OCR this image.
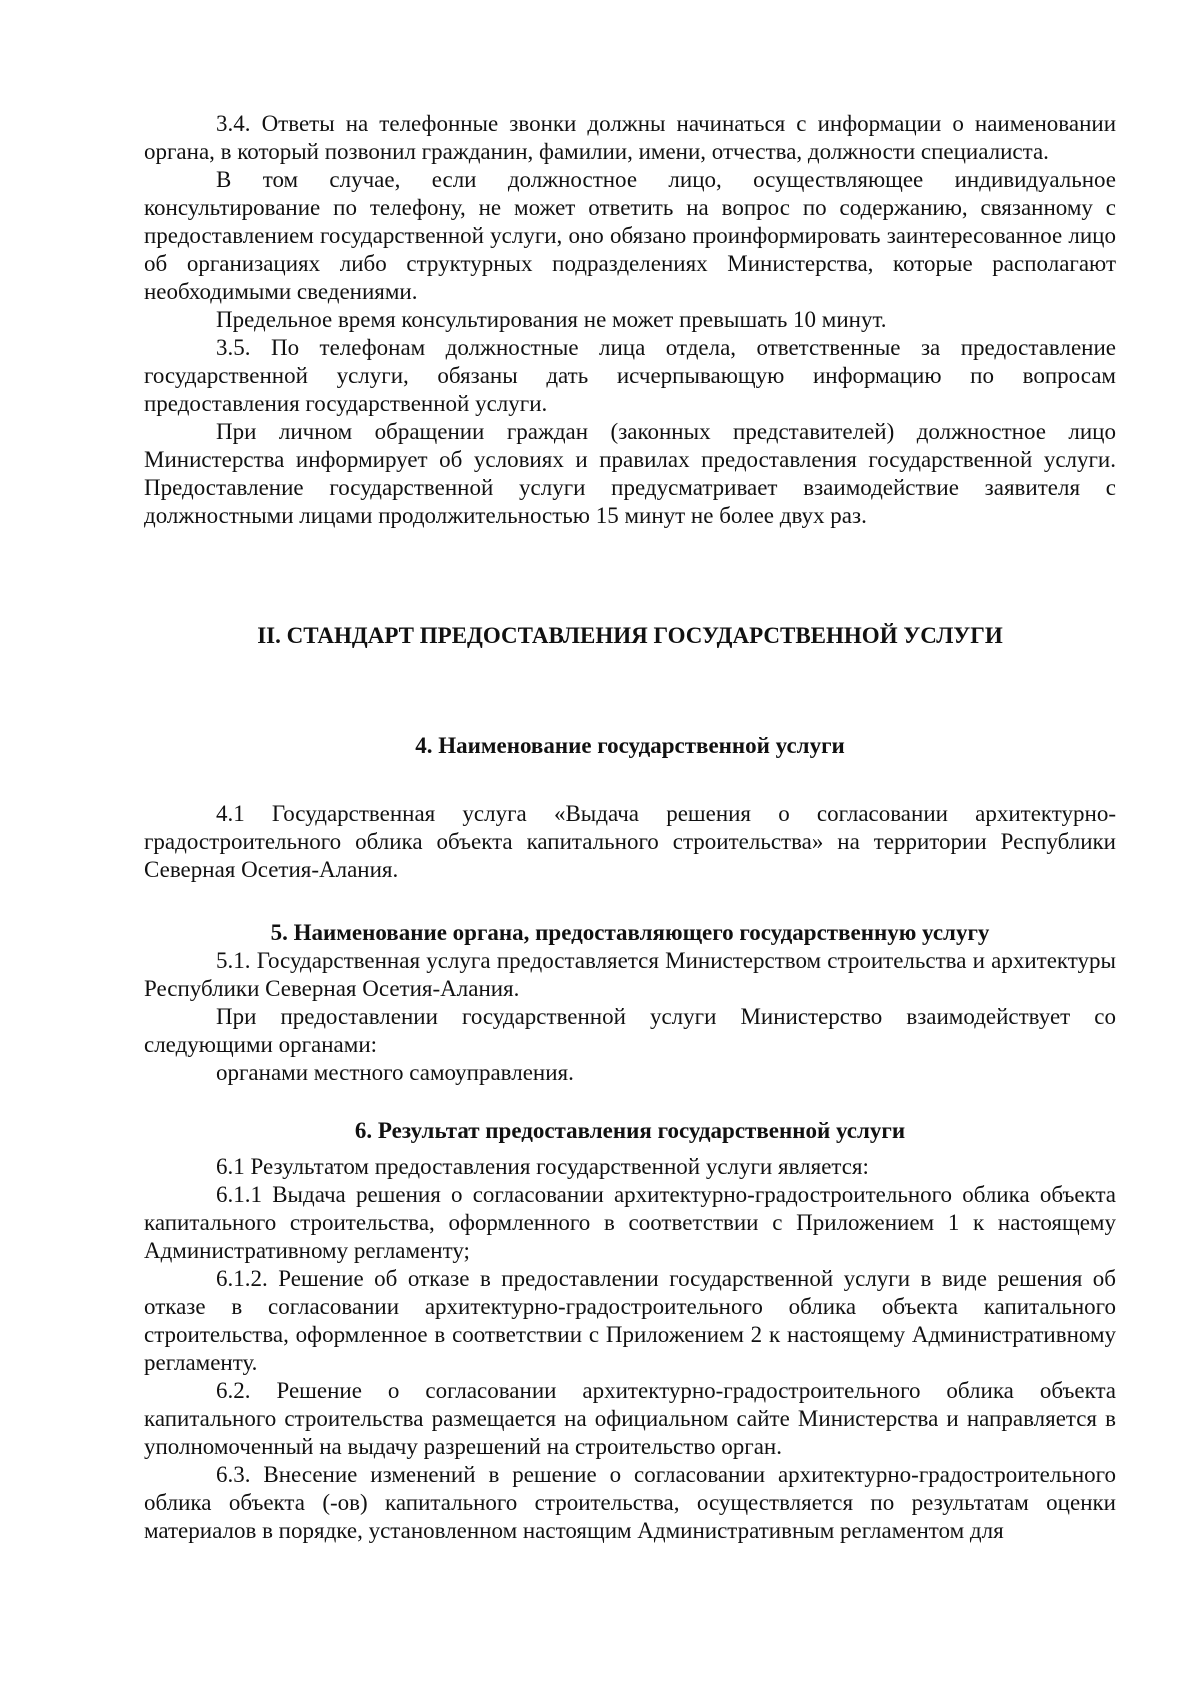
3.4. Ответы на телефонные звонки должны начинаться с информации о наименовании органа, в который позвонил гражданин, фамилии, имени, отчества, должности специалиста.

В том случае, если должностное лицо, осуществляющее индивидуальное консультирование по телефону, не может ответить на вопрос по содержанию, связанному с предоставлением государственной услуги, оно обязано проинформировать заинтересованное лицо об организациях либо структурных подразделениях Министерства, которые располагают необходимыми сведениями.

Предельное время консультирования не может превышать 10 минут.

3.5. По телефонам должностные лица отдела, ответственные за предоставление государственной услуги, обязаны дать исчерпывающую информацию по вопросам предоставления государственной услуги.

При личном обращении граждан (законных представителей) должностное лицо Министерства информирует об условиях и правилах предоставления государственной услуги. Предоставление государственной услуги предусматривает взаимодействие заявителя с должностными лицами продолжительностью 15 минут не более двух раз.

II. СТАНДАРТ ПРЕДОСТАВЛЕНИЯ ГОСУДАРСТВЕННОЙ УСЛУГИ
4. Наименование государственной услуги

4.1 Государственная услуга «Выдача решения о согласовании архитектурно-градостроительного облика объекта капитального строительства» на территории Республики Северная Осетия-Алания.

5. Наименование органа, предоставляющего государственную услугу

5.1. Государственная услуга предоставляется Министерством строительства и архитектуры Республики Северная Осетия-Алания.

При предоставлении государственной услуги Министерство взаимодействует со следующими органами:

органами местного самоуправления.

6. Результат предоставления государственной услуги

6.1 Результатом предоставления государственной услуги является:

6.1.1 Выдача решения о согласовании архитектурно-градостроительного облика объекта капитального строительства, оформленного в соответствии с Приложением 1 к настоящему Административному регламенту;

6.1.2. Решение об отказе в предоставлении государственной услуги в виде решения об отказе в согласовании архитектурно-градостроительного облика объекта капитального строительства, оформленное в соответствии с Приложением 2 к настоящему Административному регламенту.

6.2. Решение о согласовании архитектурно-градостроительного облика объекта капитального строительства размещается на официальном сайте Министерства и направляется в уполномоченный на выдачу разрешений на строительство орган.

6.3. Внесение изменений в решение о согласовании архитектурно-градостроительного облика объекта (-ов) капитального строительства, осуществляется по результатам оценки материалов в порядке, установленном настоящим Административным регламентом для
